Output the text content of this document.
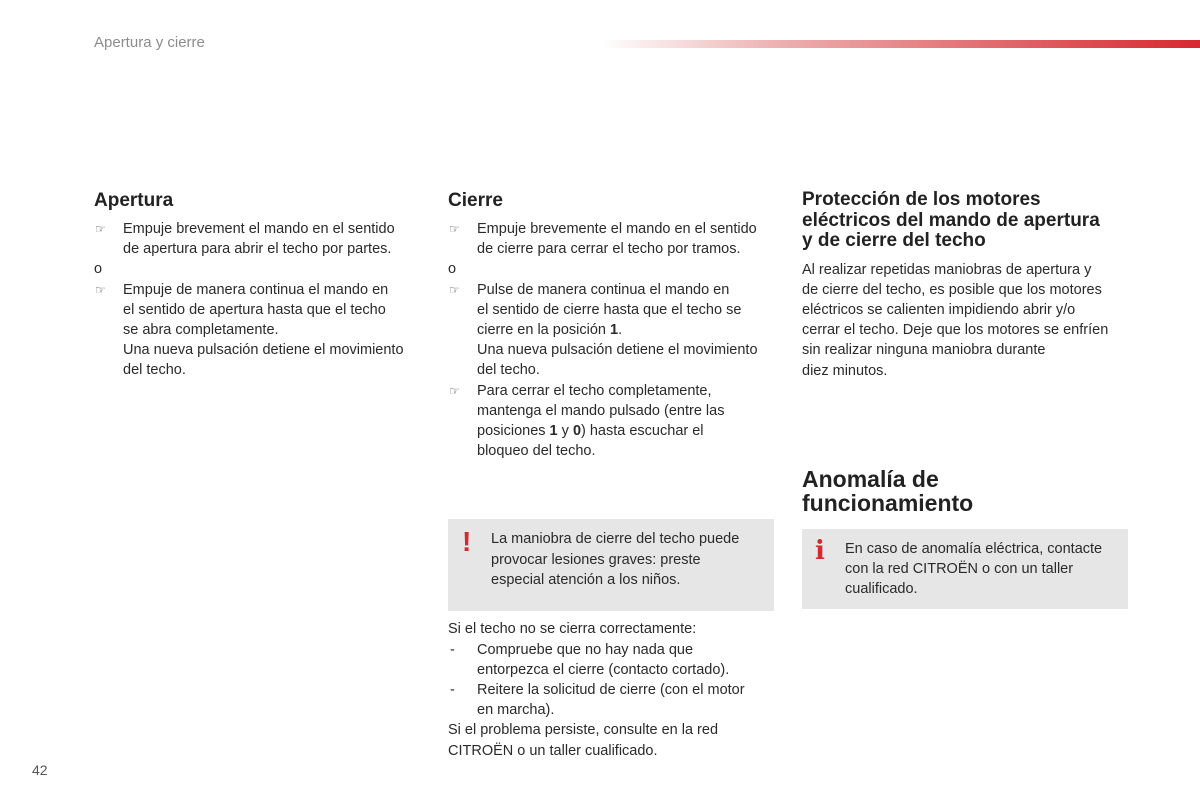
Apertura y cierre
Apertura
☞ Empuje brevement el mando en el sentido
de apertura para abrir el techo por partes.

o

☞ Empuje de manera continua el mando en
el sentido de apertura hasta que el techo
se abra completamente.
Una nueva pulsación detiene el movimiento
del techo.
Cierre
☞ Empuje brevemente el mando en el sentido
de cierre para cerrar el techo por tramos.

o

☞ Pulse de manera continua el mando en
el sentido de cierre hasta que el techo se
cierre en la posición 1.
Una nueva pulsación detiene el movimiento
del techo.
☞ Para cerrar el techo completamente,
mantenga el mando pulsado (entre las
posiciones 1 y 0) hasta escuchar el
bloqueo del techo.
! La maniobra de cierre del techo puede
provocar lesiones graves: preste
especial atención a los niños.
Si el techo no se cierra correctamente:
- Compruebe que no hay nada que
entorpezca el cierre (contacto cortado).
- Reitere la solicitud de cierre (con el motor
en marcha).
Si el problema persiste, consulte en la red
CITROËN o un taller cualificado.
Protección de los motores
eléctricos del mando de apertura
y de cierre del techo
Al realizar repetidas maniobras de apertura y
de cierre del techo, es posible que los motores
eléctricos se calienten impidiendo abrir y/o
cerrar el techo. Deje que los motores se enfríen
sin realizar ninguna maniobra durante
diez minutos.
Anomalía de
funcionamiento
i En caso de anomalía eléctrica, contacte
con la red CITROËN o con un taller
cualificado.
42
